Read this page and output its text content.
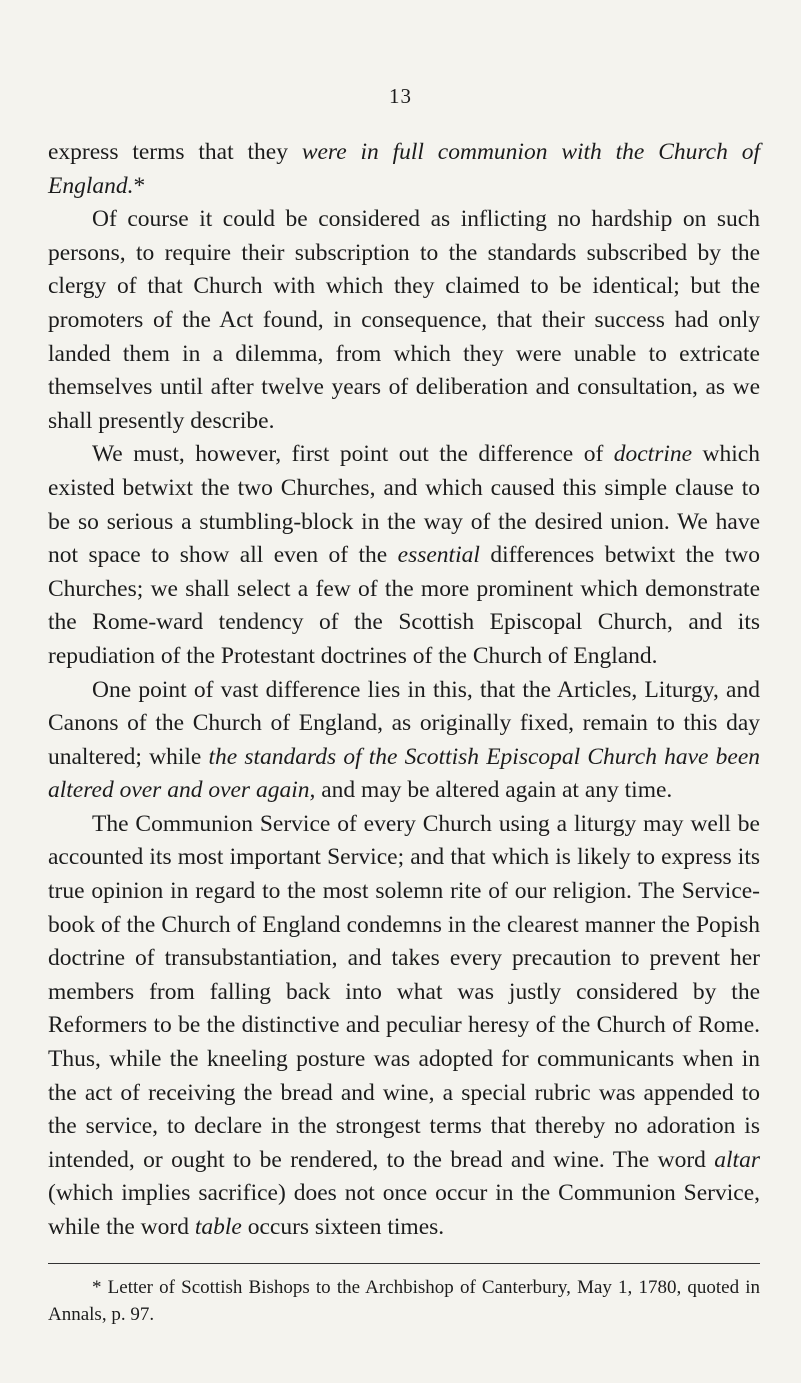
13

express terms that they were in full communion with the Church of England.*

Of course it could be considered as inflicting no hardship on such persons, to require their subscription to the standards subscribed by the clergy of that Church with which they claimed to be identical; but the promoters of the Act found, in consequence, that their success had only landed them in a dilemma, from which they were unable to extricate themselves until after twelve years of deliberation and consultation, as we shall presently describe.

We must, however, first point out the difference of doctrine which existed betwixt the two Churches, and which caused this simple clause to be so serious a stumbling-block in the way of the desired union. We have not space to show all even of the essential differences betwixt the two Churches; we shall select a few of the more prominent which demonstrate the Rome-ward tendency of the Scottish Episcopal Church, and its repudiation of the Protestant doctrines of the Church of England.

One point of vast difference lies in this, that the Articles, Liturgy, and Canons of the Church of England, as originally fixed, remain to this day unaltered; while the standards of the Scottish Episcopal Church have been altered over and over again, and may be altered again at any time.

The Communion Service of every Church using a liturgy may well be accounted its most important Service; and that which is likely to express its true opinion in regard to the most solemn rite of our religion. The Service-book of the Church of England condemns in the clearest manner the Popish doctrine of transubstantiation, and takes every precaution to prevent her members from falling back into what was justly considered by the Reformers to be the distinctive and peculiar heresy of the Church of Rome. Thus, while the kneeling posture was adopted for communicants when in the act of receiving the bread and wine, a special rubric was appended to the service, to declare in the strongest terms that thereby no adoration is intended, or ought to be rendered, to the bread and wine. The word altar (which implies sacrifice) does not once occur in the Communion Service, while the word table occurs sixteen times.

* Letter of Scottish Bishops to the Archbishop of Canterbury, May 1, 1780, quoted in Annals, p. 97.
